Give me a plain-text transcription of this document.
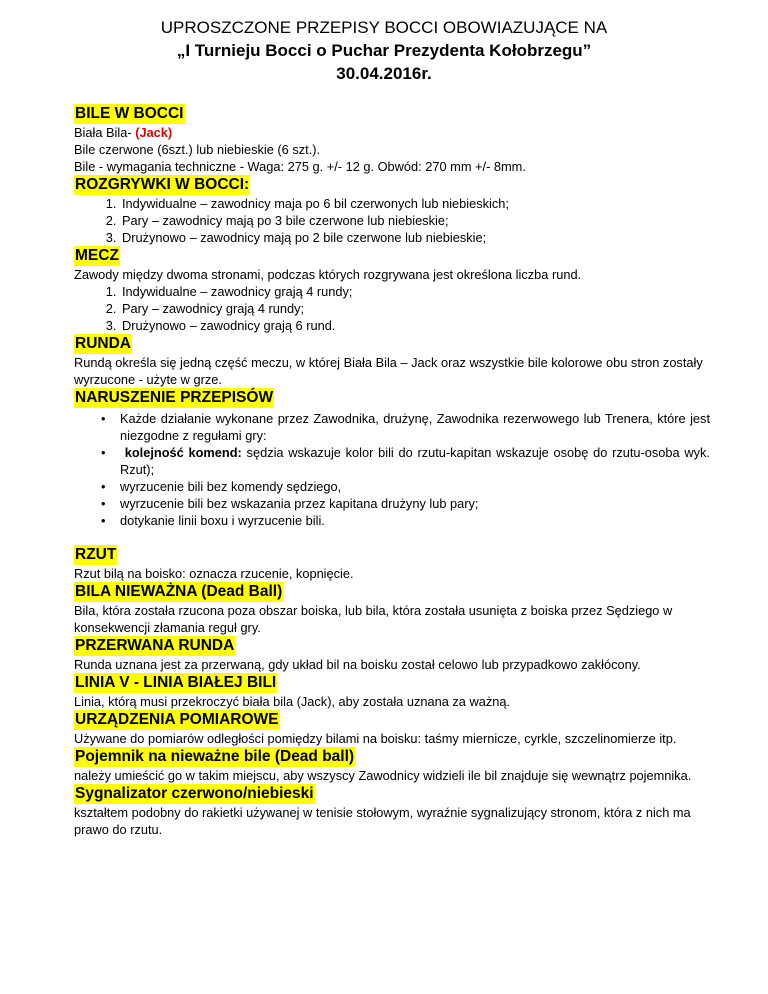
UPROSZCZONE PRZEPISY BOCCI OBOWIAZUJĄCE NA
„I Turnieju Bocci o Puchar Prezydenta Kołobrzegu”
30.04.2016r.
BILE W BOCCI
Biała Bila- (Jack)
Bile czerwone (6szt.) lub niebieskie (6 szt.).
Bile - wymagania techniczne - Waga: 275 g. +/- 12 g. Obwód: 270 mm +/- 8mm.
ROZGRYWKI W BOCCI:
1. Indywidualne – zawodnicy maja po 6 bil czerwonych lub niebieskich;
2. Pary – zawodnicy mają po 3 bile czerwone lub niebieskie;
3. Drużynowo – zawodnicy mają po 2 bile czerwone lub niebieskie;
MECZ
Zawody między dwoma stronami, podczas których rozgrywana jest określona liczba rund.
1. Indywidualne – zawodnicy grają 4 rundy;
2. Pary – zawodnicy grają 4 rundy;
3. Drużynowo – zawodnicy grają 6 rund.
RUNDA
Rundą określa się jedną część meczu, w której Biała Bila – Jack oraz wszystkie bile kolorowe obu stron zostały wyrzucone - użyte w grze.
NARUSZENIE PRZEPISÓW
• Każde działanie wykonane przez Zawodnika, drużynę, Zawodnika rezerwowego lub Trenera, które jest niezgodne z regułami gry:
• kolejność komend: sędzia wskazuje kolor bili do rzutu-kapitan wskazuje osobę do rzutu-osoba wyk. Rzut);
• wyrzucenie bili bez komendy sędziego,
• wyrzucenie bili bez wskazania przez kapitana drużyny lub pary;
• dotykanie linii boxu i wyrzucenie bili.
RZUT
Rzut bilą na boisko: oznacza rzucenie, kopnięcie.
BILA NIEWAŻNA (Dead Ball)
Bila, która została rzucona poza obszar boiska, lub bila, która została usunięta z boiska przez Sędziego w konsekwencji złamania reguł gry.
PRZERWANA RUNDA
Runda uznana jest za przerwaną, gdy układ bil na boisku został celowo lub przypadkowo zakłócony.
LINIA V - LINIA BIAŁEJ BILI
Linia, którą musi przekroczyć biała bila (Jack), aby została uznana za ważną.
URZĄDZENIA POMIAROWE
Używane do pomiarów odległości pomiędzy bilami na boisku: taśmy miernicze, cyrkle, szczelinomierze itp.
Pojemnik na nieważne bile (Dead ball)
należy umieścić go w takim miejscu, aby wszyscy Zawodnicy widzieli ile bil znajduje się wewnątrz pojemnika.
Sygnalizator czerwono/niebieski
kształtem podobny do rakietki używanej w tenisie stołowym, wyraźnie sygnalizujący stronom, która z nich ma prawo do rzutu.
